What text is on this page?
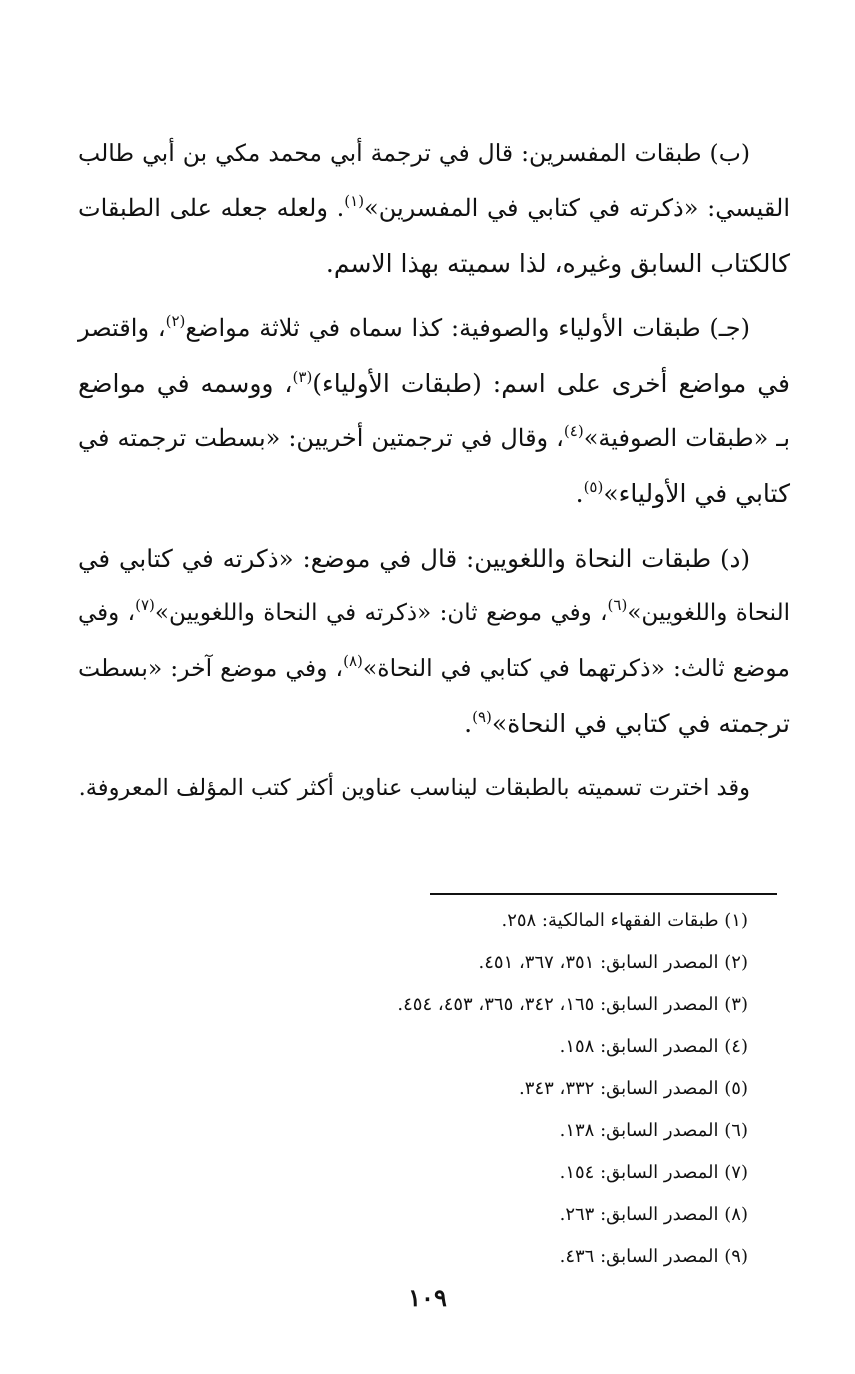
(ب) طبقات المفسرين: قال في ترجمة أبي محمد مكي بن أبي طالب
القيسي: «ذكرته في كتابي في المفسرين»$^{(١)}$. ولعله جعله على الطبقات
كالكتاب السابق وغيره، لذا سميته بهذا الاسم.

(جـ) طبقات الأولياء والصوفية: كذا سماه في ثلاثة مواضع$^{(٢)}$، واقتصر
في مواضع أخرى على اسم: (طبقات الأولياء)$^{(٣)}$، ووسمه في مواضع
بـ «طبقات الصوفية»$^{(٤)}$، وقال في ترجمتين أخريين: «بسطت ترجمته في
كتابي في الأولياء»$^{(٥)}$.

(د) طبقات النحاة واللغويين: قال في موضع: «ذكرته في كتابي في
النحاة واللغويين»$^{(٦)}$، وفي موضع ثان: «ذكرته في النحاة واللغويين»$^{(٧)}$، وفي
موضع ثالث: «ذكرتهما في كتابي في النحاة»$^{(٨)}$، وفي موضع آخر: «بسطت
ترجمته في كتابي في النحاة»$^{(٩)}$.

وقد اخترت تسميته بالطبقات ليناسب عناوين أكثر كتب المؤلف المعروفة.

(١) طبقات الفقهاء المالكية: ٢٥٨.
(٢) المصدر السابق: ٣٥١، ٣٦٧، ٤٥١.
(٣) المصدر السابق: ١٦٥، ٣٤٢، ٣٦٥، ٤٥٣، ٤٥٤.
(٤) المصدر السابق: ١٥٨.
(٥) المصدر السابق: ٣٣٢، ٣٤٣.
(٦) المصدر السابق: ١٣٨.
(٧) المصدر السابق: ١٥٤.
(٨) المصدر السابق: ٢٦٣.
(٩) المصدر السابق: ٤٣٦.
١٠٩
